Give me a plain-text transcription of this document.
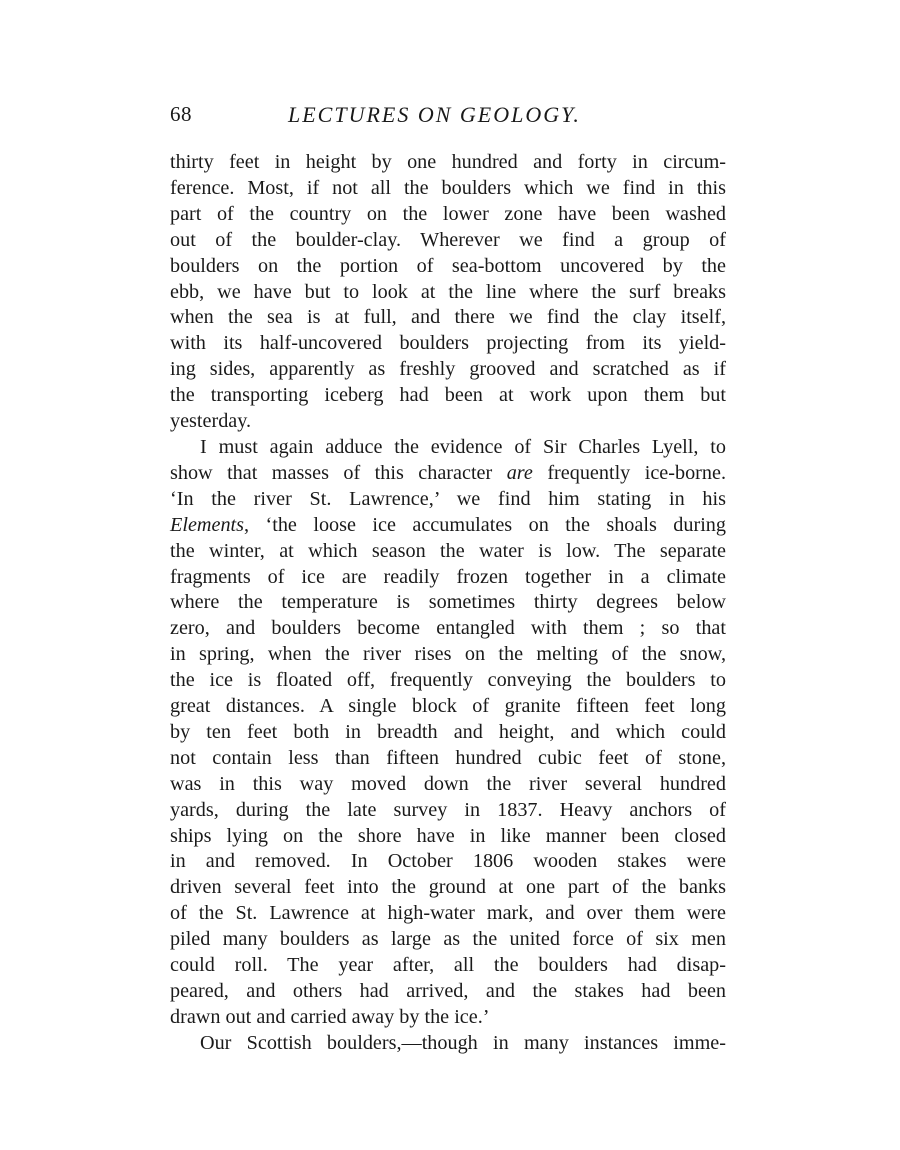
68	LECTURES ON GEOLOGY.
thirty feet in height by one hundred and forty in circum-
ference. Most, if not all the boulders which we find in this
part of the country on the lower zone have been washed
out of the boulder-clay. Wherever we find a group of
boulders on the portion of sea-bottom uncovered by the
ebb, we have but to look at the line where the surf breaks
when the sea is at full, and there we find the clay itself,
with its half-uncovered boulders projecting from its yield-
ing sides, apparently as freshly grooved and scratched as if
the transporting iceberg had been at work upon them but
yesterday.
I must again adduce the evidence of Sir Charles Lyell, to
show that masses of this character are frequently ice-borne.
‘In the river St. Lawrence,’ we find him stating in his
Elements, ‘the loose ice accumulates on the shoals during
the winter, at which season the water is low. The separate
fragments of ice are readily frozen together in a climate
where the temperature is sometimes thirty degrees below
zero, and boulders become entangled with them ; so that
in spring, when the river rises on the melting of the snow,
the ice is floated off, frequently conveying the boulders to
great distances. A single block of granite fifteen feet long
by ten feet both in breadth and height, and which could
not contain less than fifteen hundred cubic feet of stone,
was in this way moved down the river several hundred
yards, during the late survey in 1837. Heavy anchors of
ships lying on the shore have in like manner been closed
in and removed. In October 1806 wooden stakes were
driven several feet into the ground at one part of the banks
of the St. Lawrence at high-water mark, and over them were
piled many boulders as large as the united force of six men
could roll. The year after, all the boulders had disap-
peared, and others had arrived, and the stakes had been
drawn out and carried away by the ice.’
Our Scottish boulders,—though in many instances imme-
